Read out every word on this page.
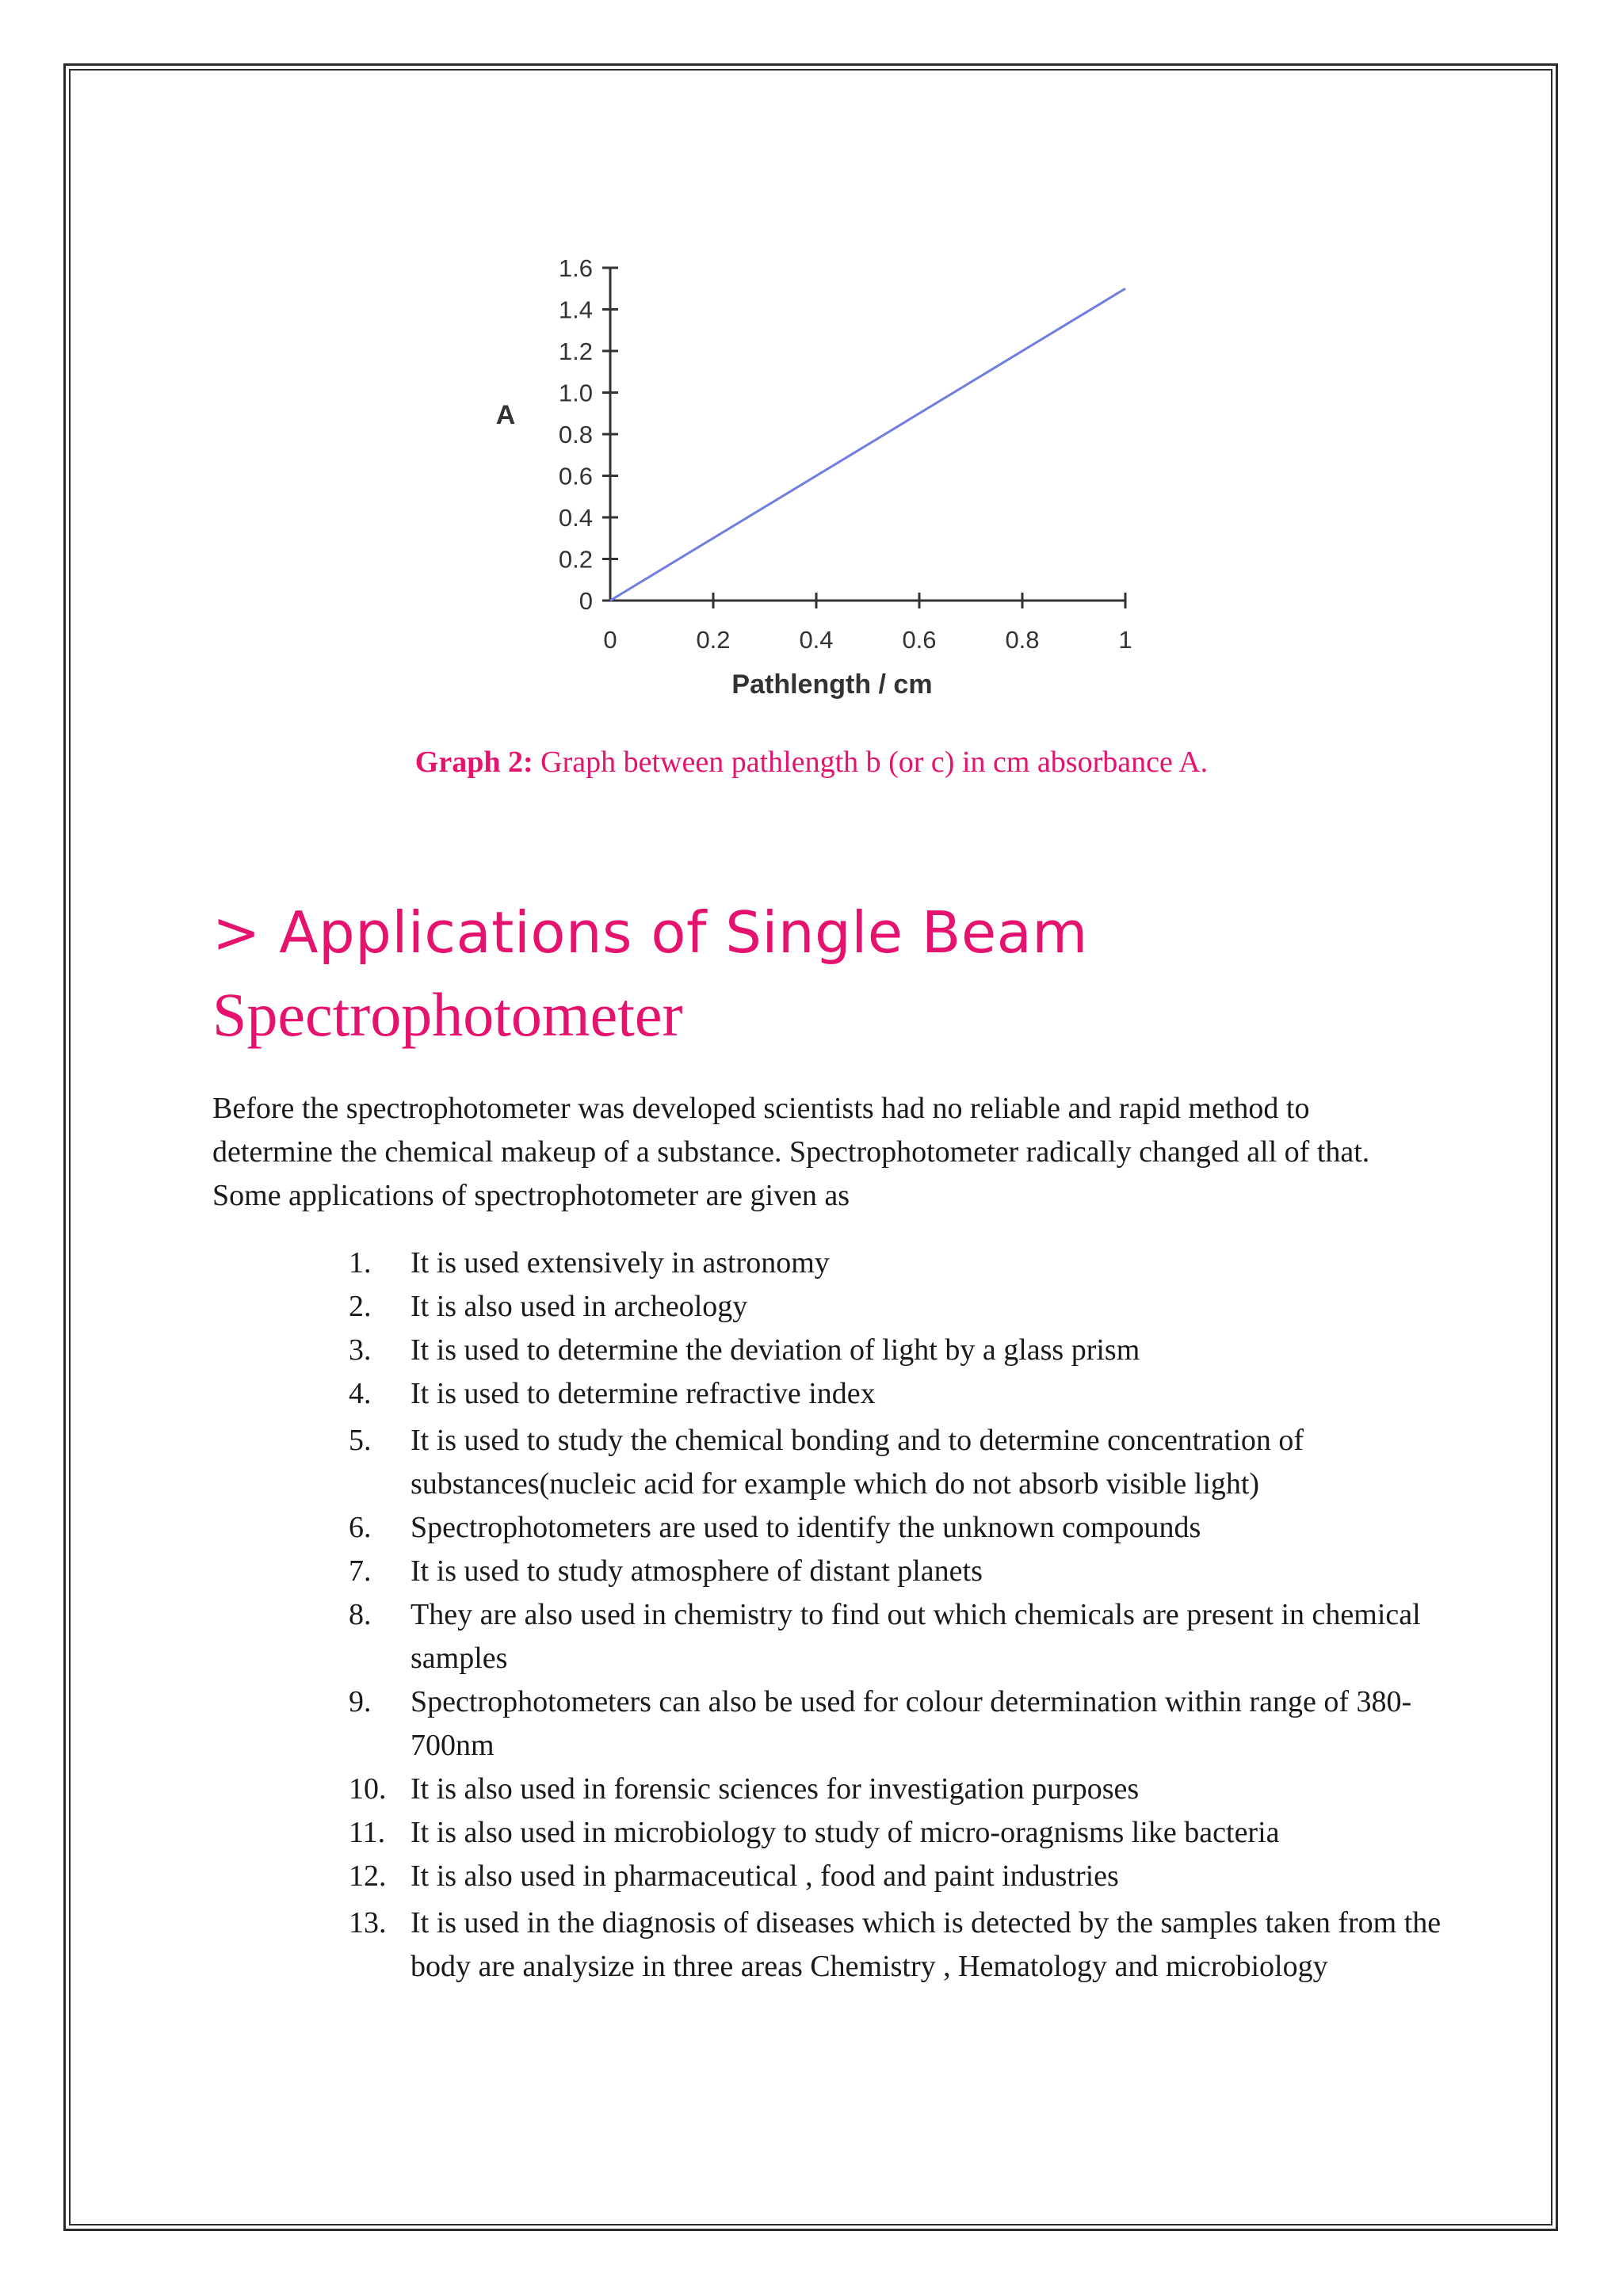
0
0.2
0.4
0.6
0.8
1.0
1.2
1.4
1.6
0	0.2	0.4	0.6	0.8	1
A
Pathlength / cm
Graph 2: Graph between pathlength b (or c) in cm absorbance A.
> Applications of Single Beam
Spectrophotometer
Before the spectrophotometer was developed scientists had no reliable and rapid method to determine the chemical makeup of a substance. Spectrophotometer radically changed all of that. Some applications of spectrophotometer are given as
1.	It is used extensively in astronomy
2.	It is also used in archeology
3.	It is used to determine the deviation of light by a glass prism
4.	It is used to determine refractive index
5.	It is used to study the chemical bonding and to determine concentration of substances(nucleic acid for example which do not absorb visible light)
6.	Spectrophotometers are used to identify the unknown compounds
7.	It is used to study atmosphere of distant planets
8.	They are also used in chemistry to find out which chemicals are present in chemical samples
9.	Spectrophotometers can also be used for colour determination within range of 380-700nm
10. It is also used in forensic sciences for investigation purposes
11. It is also used in microbiology to study of micro-oragnisms like bacteria
12. It is also used in pharmaceutical , food and paint industries
13. It is used in the diagnosis of diseases which is detected by the samples taken from the body are analysize in three areas Chemistry , Hematology and microbiology
